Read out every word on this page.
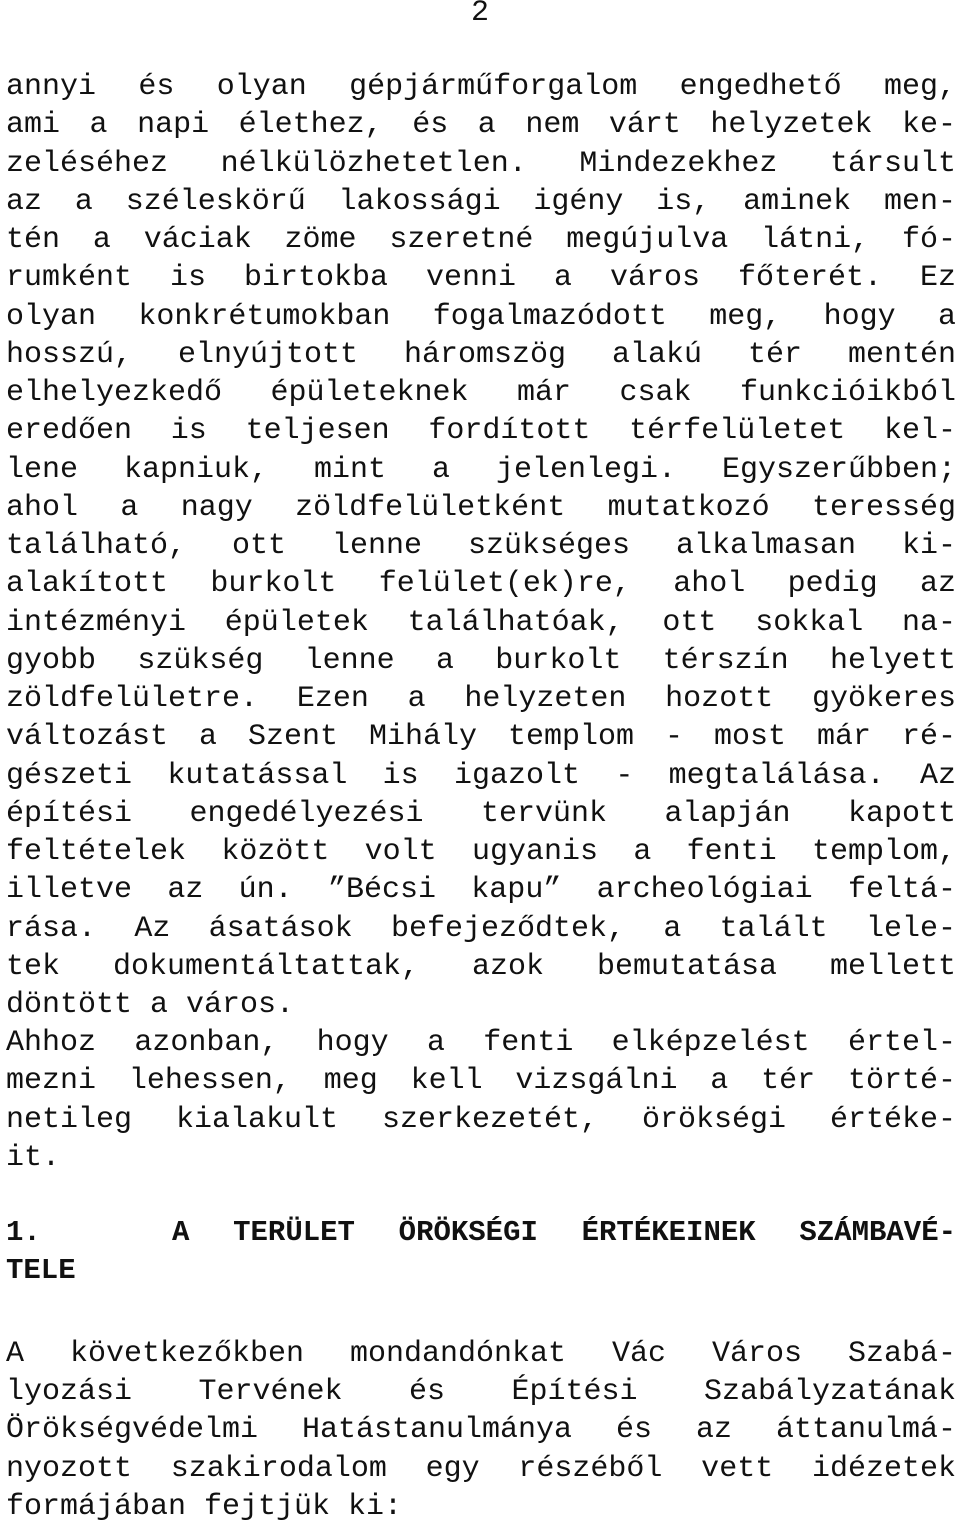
2
annyi és olyan gépjárműforgalom engedhető meg,
ami a napi élethez, és a nem várt helyzetek ke-
zeléséhez nélkülözhetetlen. Mindezekhez társult
az a széleskörű lakossági igény is, aminek men-
tén a váciak zöme szeretné megújulva látni, fó-
rumként is birtokba venni a város főterét. Ez
olyan konkrétumokban fogalmazódott meg, hogy a
hosszú, elnyújtott háromszög alakú tér mentén
elhelyezkedő épületeknek már csak funkcióikból
eredően is teljesen fordított térfelületet kel-
lene kapniuk, mint a jelenlegi. Egyszerűbben;
ahol a nagy zöldfelületként mutatkozó teresség
található, ott lenne szükséges alkalmasan ki-
alakított burkolt felület(ek)re, ahol pedig az
intézményi épületek találhatóak, ott sokkal na-
gyobb szükség lenne a burkolt térszín helyett
zöldfelületre. Ezen a helyzeten hozott gyökeres
változást a Szent Mihály templom - most már ré-
gészeti kutatással is igazolt - megtalálása. Az
építési engedélyezési tervünk alapján kapott
feltételek között volt ugyanis a fenti templom,
illetve az ún. ”Bécsi kapu” archeológiai feltá-
rása. Az ásatások befejeződtek, a talált lele-
tek dokumentáltattak, azok bemutatása mellett
döntött a város.
Ahhoz azonban, hogy a fenti elképzelést értel-
mezni lehessen, meg kell vizsgálni a tér törté-
netileg kialakult szerkezetét, örökségi értéke-
it.
1.	A TERÜLET ÖRÖKSÉGI ÉRTÉKEINEK SZÁMBAVÉ-
TELE
A következőkben mondandónkat Vác Város Szabá-
lyozási Tervének és Építési Szabályzatának
Örökségvédelmi Hatástanulmánya és az áttanulmá-
nyozott szakirodalom egy részéből vett idézetek
formájában fejtjük ki:
